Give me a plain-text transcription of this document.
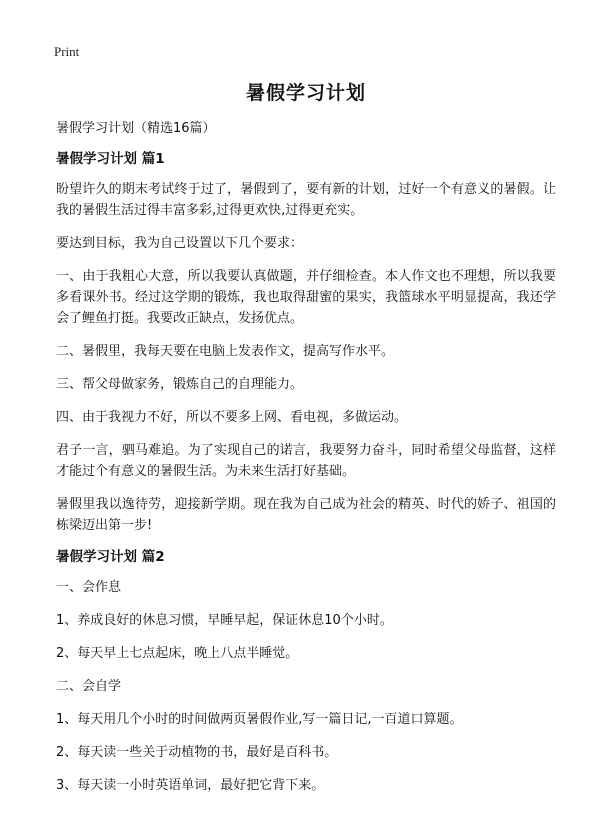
Print
暑假学习计划
暑假学习计划（精选16篇）
暑假学习计划 篇1

盼望许久的期末考试终于过了，暑假到了，要有新的计划，过好一个有意义的暑假。让我的暑假生活过得丰富多彩,过得更欢快,过得更充实。

要达到目标，我为自己设置以下几个要求：

一、由于我粗心大意，所以我要认真做题，并仔细检查。本人作文也不理想，所以我要多看课外书。经过这学期的锻炼，我也取得甜蜜的果实，我篮球水平明显提高，我还学会了鲤鱼打挺。我要改正缺点，发扬优点。

二、暑假里，我每天要在电脑上发表作文，提高写作水平。

三、帮父母做家务，锻炼自己的自理能力。

四、由于我视力不好，所以不要多上网、看电视，多做运动。

君子一言，驷马难追。为了实现自己的诺言，我要努力奋斗，同时希望父母监督，这样才能过个有意义的暑假生活。为未来生活打好基础。

暑假里我以逸待劳，迎接新学期。现在我为自己成为社会的精英、时代的娇子、祖国的栋梁迈出第一步!

暑假学习计划 篇2

一、会作息

1、养成良好的休息习惯，早睡早起，保证休息10个小时。

2、每天早上七点起床，晚上八点半睡觉。

二、会自学

1、每天用几个小时的时间做两页暑假作业,写一篇日记,一百道口算题。

2、每天读一些关于动植物的书，最好是百科书。

3、每天读一小时英语单词，最好把它背下来。
